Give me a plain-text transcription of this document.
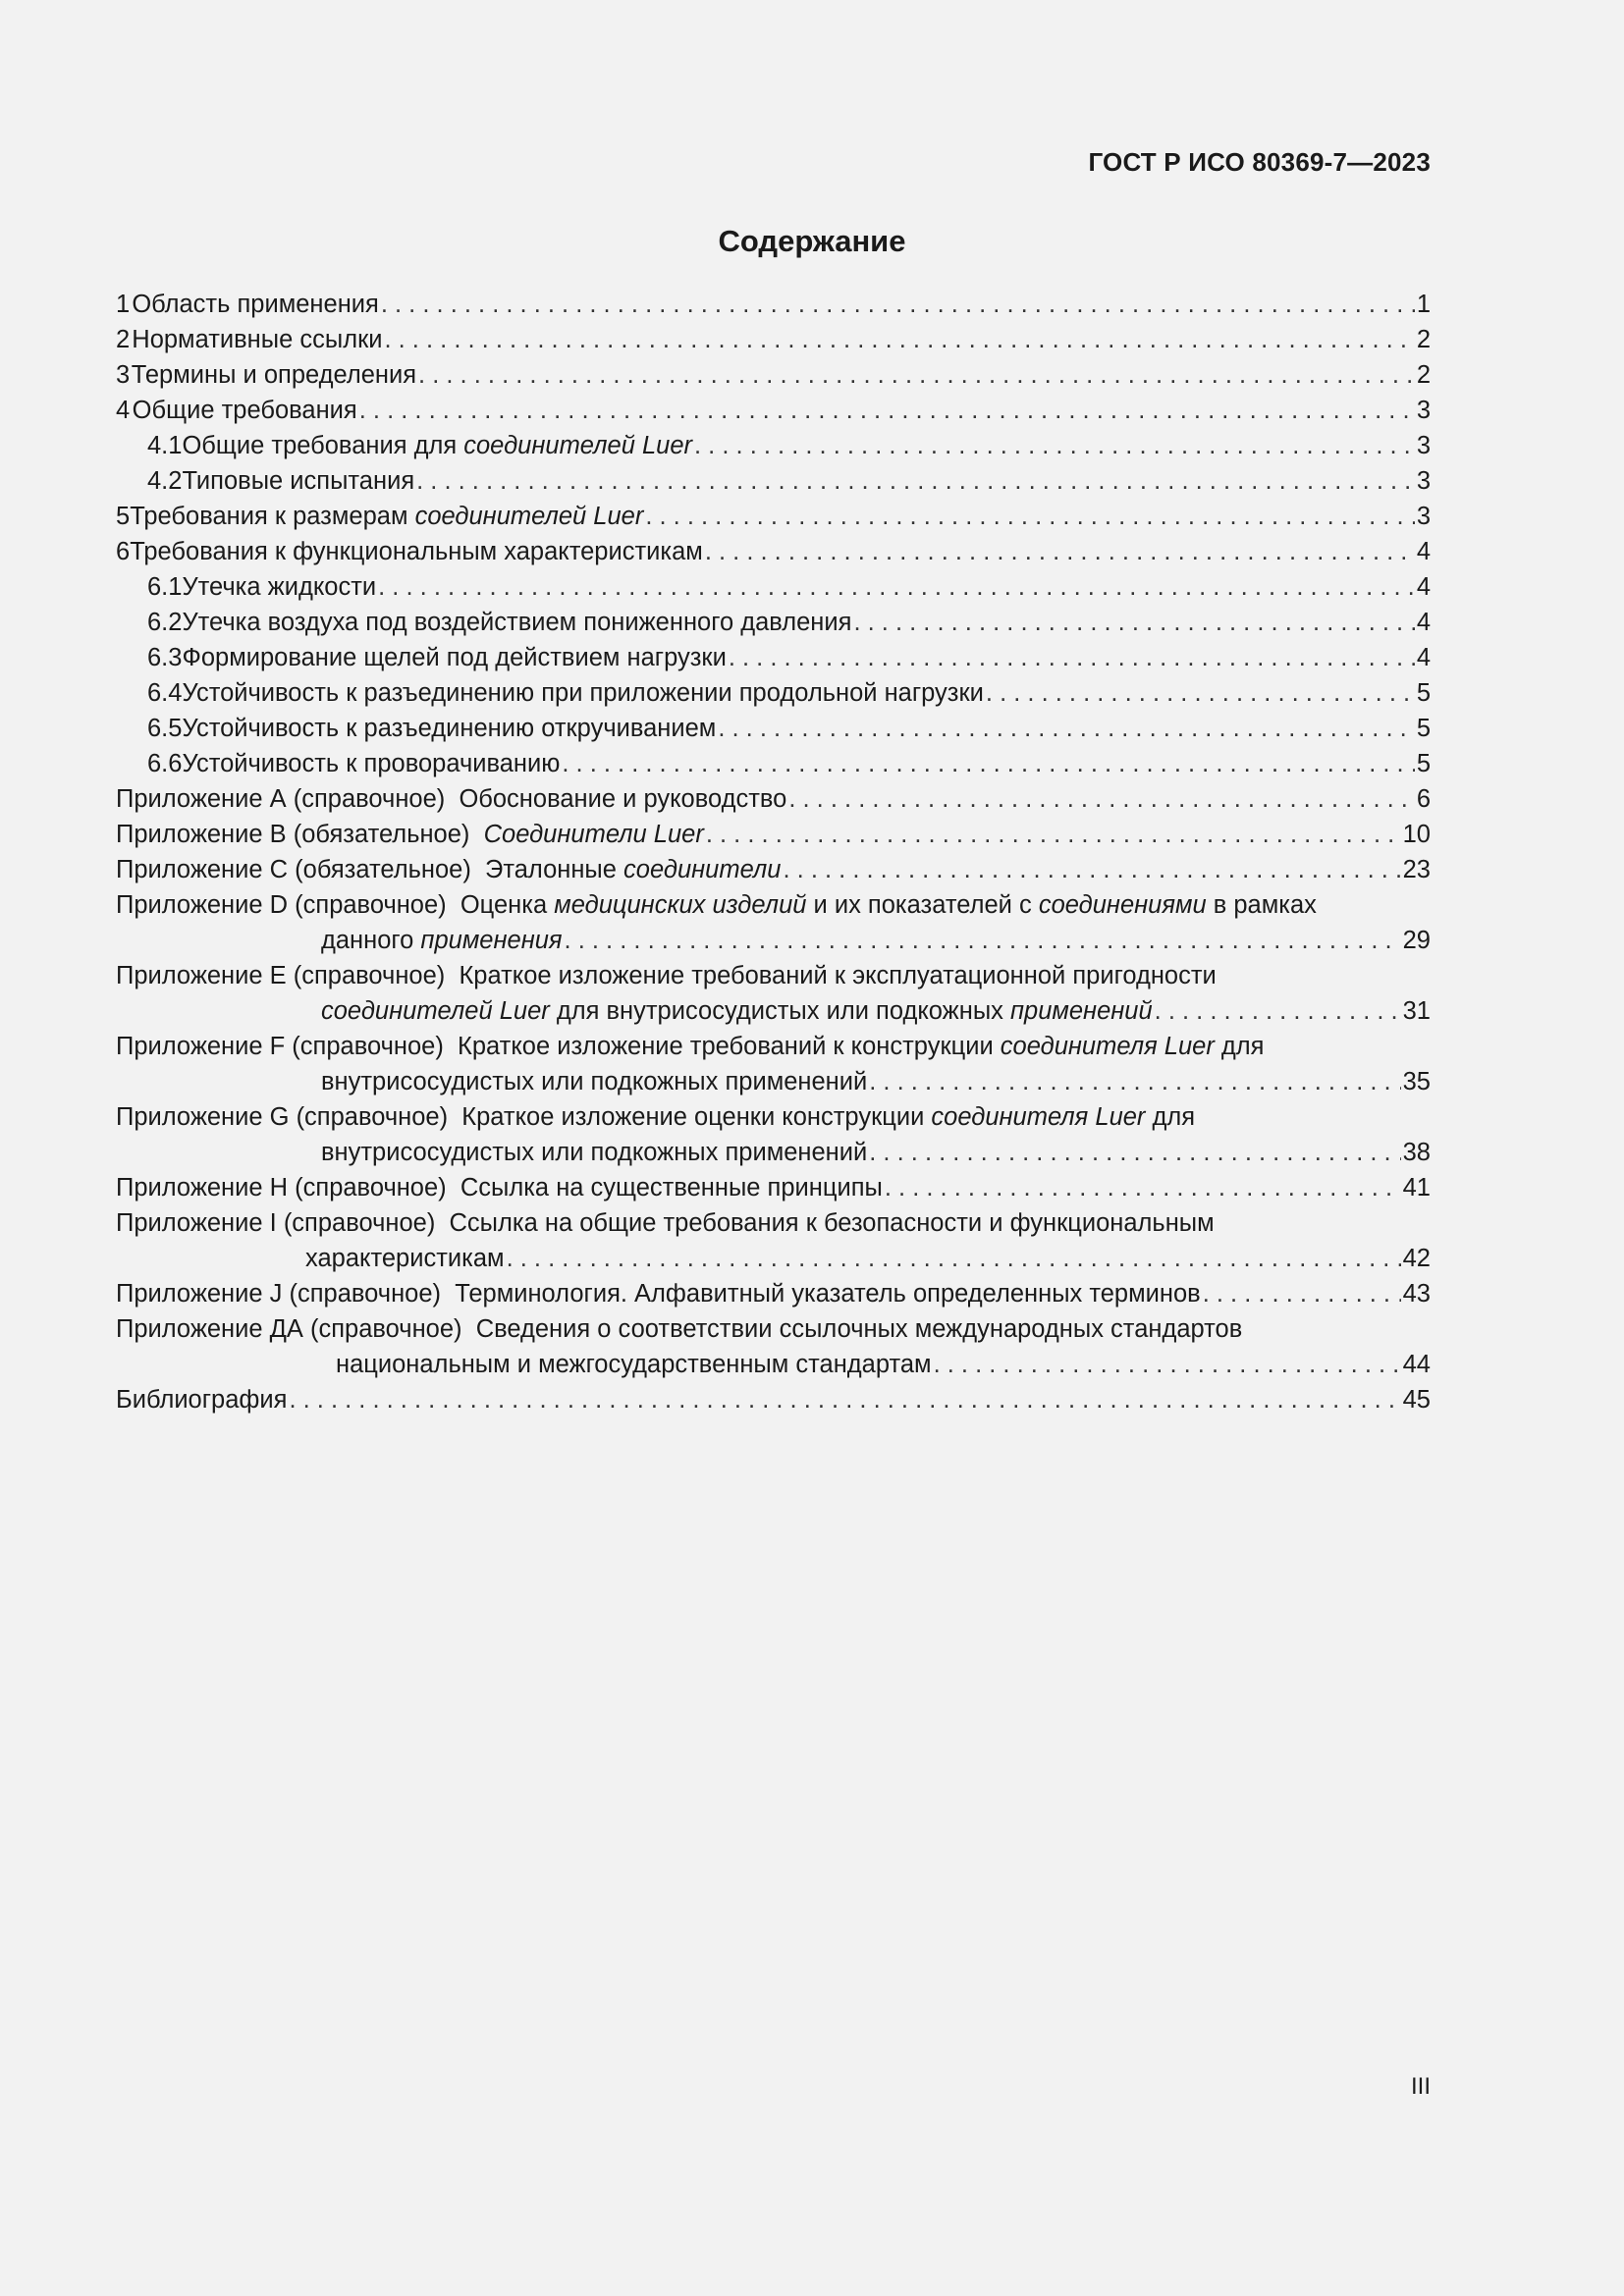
ГОСТ Р ИСО 80369-7—2023
Содержание
1 Область применения . . .	1
2 Нормативные ссылки . . .	2
3 Термины и определения . . .	2
4 Общие требования . . .	3
4.1 Общие требования для соединителей Luer . . .	3
4.2 Типовые испытания . . .	3
5 Требования к размерам соединителей Luer . . .	3
6 Требования к функциональным характеристикам . . .	4
6.1 Утечка жидкости . . .	4
6.2 Утечка воздуха под воздействием пониженного давления . . .	4
6.3 Формирование щелей под действием нагрузки . . .	4
6.4 Устойчивость к разъединению при приложении продольной нагрузки . . .	5
6.5 Устойчивость к разъединению откручиванием . . .	5
6.6 Устойчивость к проворачиванию . . .	5
Приложение А (справочное) Обоснование и руководство . . .	6
Приложение В (обязательное) Соединители Luer . . .	10
Приложение С (обязательное) Эталонные соединители . . .	23
Приложение D (справочное) Оценка медицинских изделий и их показателей с соединениями в рамках
данного применения . . .	29
Приложение Е (справочное) Краткое изложение требований к эксплуатационной пригодности
соединителей Luer для внутрисосудистых или подкожных применений . . .	31
Приложение F (справочное) Краткое изложение требований к конструкции соединителя Luer для
внутрисосудистых или подкожных применений . . .	35
Приложение G (справочное) Краткое изложение оценки конструкции соединителя Luer для
внутрисосудистых или подкожных применений . . .	38
Приложение Н (справочное) Ссылка на существенные принципы . . .	41
Приложение I (справочное) Ссылка на общие требования к безопасности и функциональным
характеристикам . . .	42
Приложение J (справочное) Терминология. Алфавитный указатель определенных терминов . . .	43
Приложение ДА (справочное) Сведения о соответствии ссылочных международных стандартов
национальным и межгосударственным стандартам . . .	44
Библиография . . .	45
III
